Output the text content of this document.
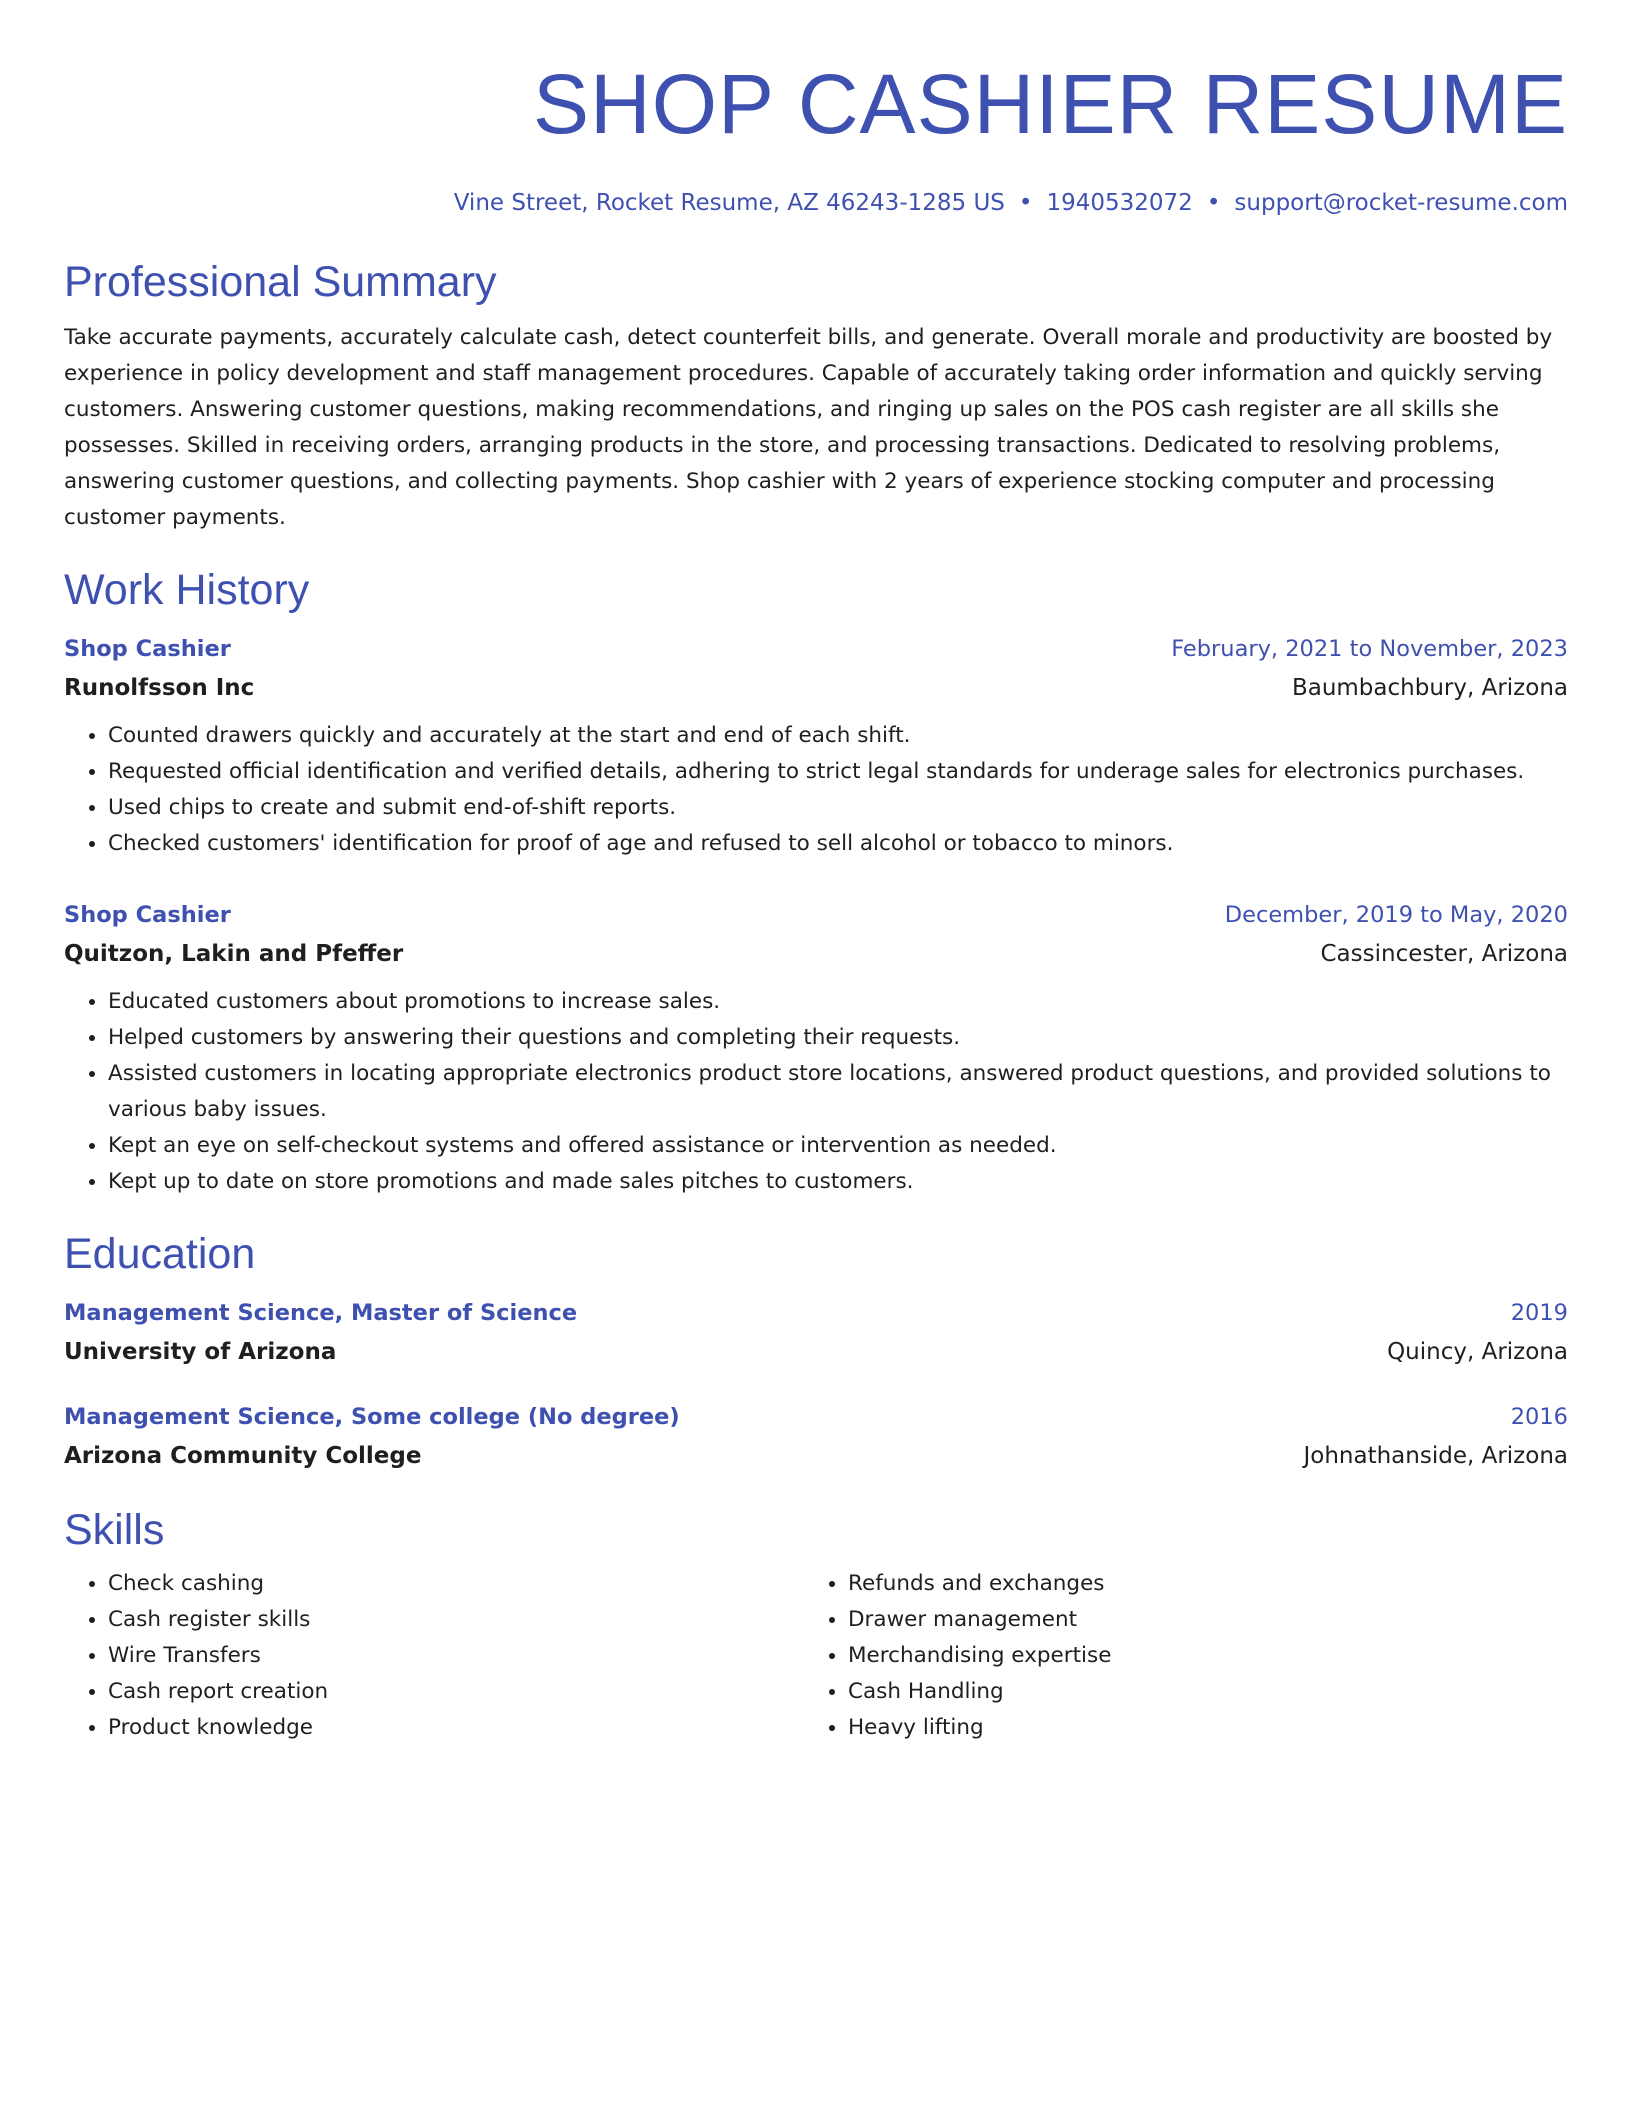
SHOP CASHIER RESUME
Vine Street, Rocket Resume, AZ 46243-1285 US • 1940532072 • support@rocket-resume.com
Professional Summary

Take accurate payments, accurately calculate cash, detect counterfeit bills, and generate. Overall morale and productivity are boosted by experience in policy development and staff management procedures. Capable of accurately taking order information and quickly serving customers. Answering customer questions, making recommendations, and ringing up sales on the POS cash register are all skills she possesses. Skilled in receiving orders, arranging products in the store, and processing transactions. Dedicated to resolving problems, answering customer questions, and collecting payments. Shop cashier with 2 years of experience stocking computer and processing customer payments.

Work History
Shop Cashier	February, 2021 to November, 2023
Runolfsson Inc	Baumbachbury, Arizona
• Counted drawers quickly and accurately at the start and end of each shift.
• Requested official identification and verified details, adhering to strict legal standards for underage sales for electronics purchases.
• Used chips to create and submit end-of-shift reports.
• Checked customers' identification for proof of age and refused to sell alcohol or tobacco to minors.
Shop Cashier	December, 2019 to May, 2020
Quitzon, Lakin and Pfeffer	Cassincester, Arizona
• Educated customers about promotions to increase sales.
• Helped customers by answering their questions and completing their requests.
• Assisted customers in locating appropriate electronics product store locations, answered product questions, and provided solutions to various baby issues.
• Kept an eye on self-checkout systems and offered assistance or intervention as needed.
• Kept up to date on store promotions and made sales pitches to customers.
Education
Management Science, Master of Science	2019
University of Arizona	Quincy, Arizona
Management Science, Some college (No degree)	2016
Arizona Community College	Johnathanside, Arizona
Skills
• Check cashing
• Cash register skills
• Wire Transfers
• Cash report creation
• Product knowledge
• Refunds and exchanges
• Drawer management
• Merchandising expertise
• Cash Handling
• Heavy lifting
